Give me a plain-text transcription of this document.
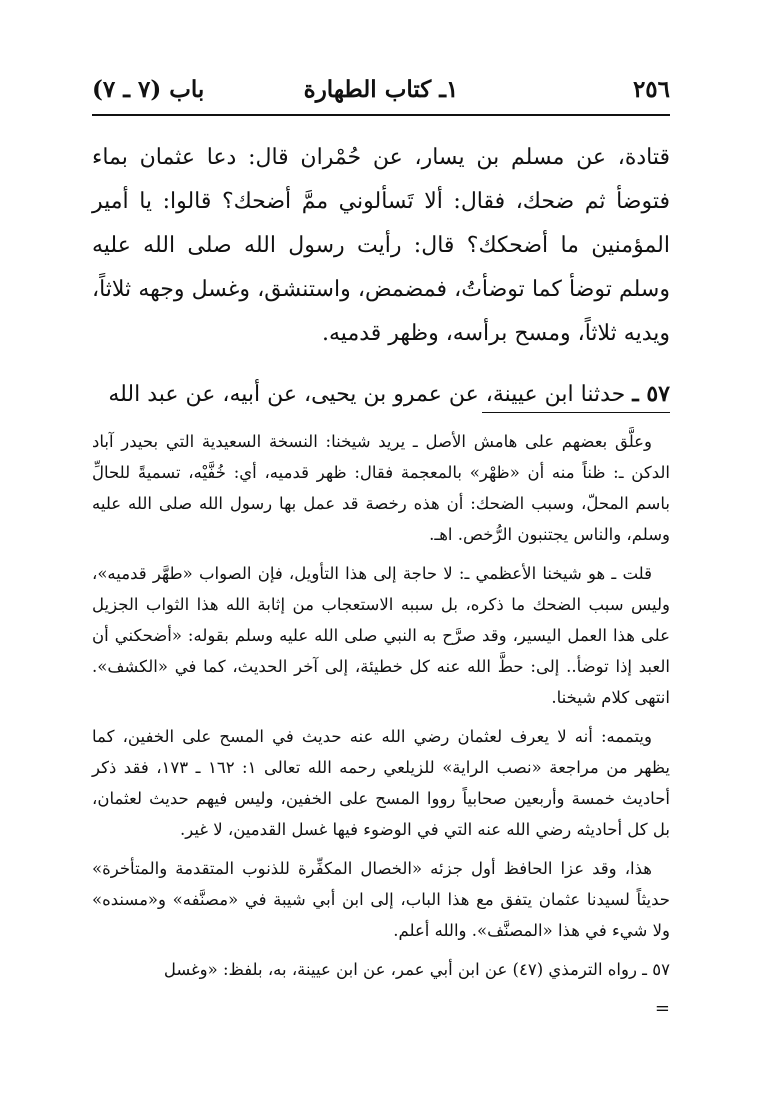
٢٥٦
١ـ كتاب الطهارة
باب (٧ ـ ٧)

قتادة، عن مسلم بن يسار، عن حُمْران قال: دعا عثمان بماء فتوضأ ثم ضحك، فقال: ألا تَسألوني ممَّ أضحك؟ قالوا: يا أمير المؤمنين ما أضحكك؟ قال: رأيت رسول الله صلى الله عليه وسلم توضأ كما توضأتُ، فمضمض، واستنشق، وغسل وجهه ثلاثاً، ويديه ثلاثاً، ومسح برأسه، وظهر قدميه.

٥٧ ـ حدثنا ابن عيينة، عن عمرو بن يحيى، عن أبيه، عن عبد الله

وعلَّق بعضهم على هامش الأصل ـ يريد شيخنا: النسخة السعيدية التي بحيدر آباد الدكن ـ: ظناً منه أن «ظهْر» بالمعجمة فقال: ظهر قدميه، أي: خُفَّيْه، تسميةً للحالِّ باسم المحلّ، وسبب الضحك: أن هذه رخصة قد عمل بها رسول الله صلى الله عليه وسلم، والناس يجتنبون الرُّخص. اهـ.

قلت ـ هو شيخنا الأعظمي ـ: لا حاجة إلى هذا التأويل، فإن الصواب «طهَّر قدميه»، وليس سبب الضحك ما ذكره، بل سببه الاستعجاب من إثابة الله هذا الثواب الجزيل على هذا العمل اليسير، وقد صرَّح به النبي صلى الله عليه وسلم بقوله: «أضحكني أن العبد إذا توضأ.. إلى: حطَّ الله عنه كل خطيئة، إلى آخر الحديث، كما في «الكشف». انتهى كلام شيخنا.

ويتممه: أنه لا يعرف لعثمان رضي الله عنه حديث في المسح على الخفين، كما يظهر من مراجعة «نصب الراية» للزيلعي رحمه الله تعالى ١: ١٦٢ ـ ١٧٣، فقد ذكر أحاديث خمسة وأربعين صحابياً رووا المسح على الخفين، وليس فيهم حديث لعثمان، بل كل أحاديثه رضي الله عنه التي في الوضوء فيها غسل القدمين، لا غير.

هذا، وقد عزا الحافظ أول جزئه «الخصال المكفِّرة للذنوب المتقدمة والمتأخرة» حديثاً لسيدنا عثمان يتفق مع هذا الباب، إلى ابن أبي شيبة في «مصنَّفه» و«مسنده» ولا شيء في هذا «المصنَّف». والله أعلم.

٥٧ ـ رواه الترمذي (٤٧) عن ابن أبي عمر، عن ابن عيينة، به، بلفظ: «وغسل

=
